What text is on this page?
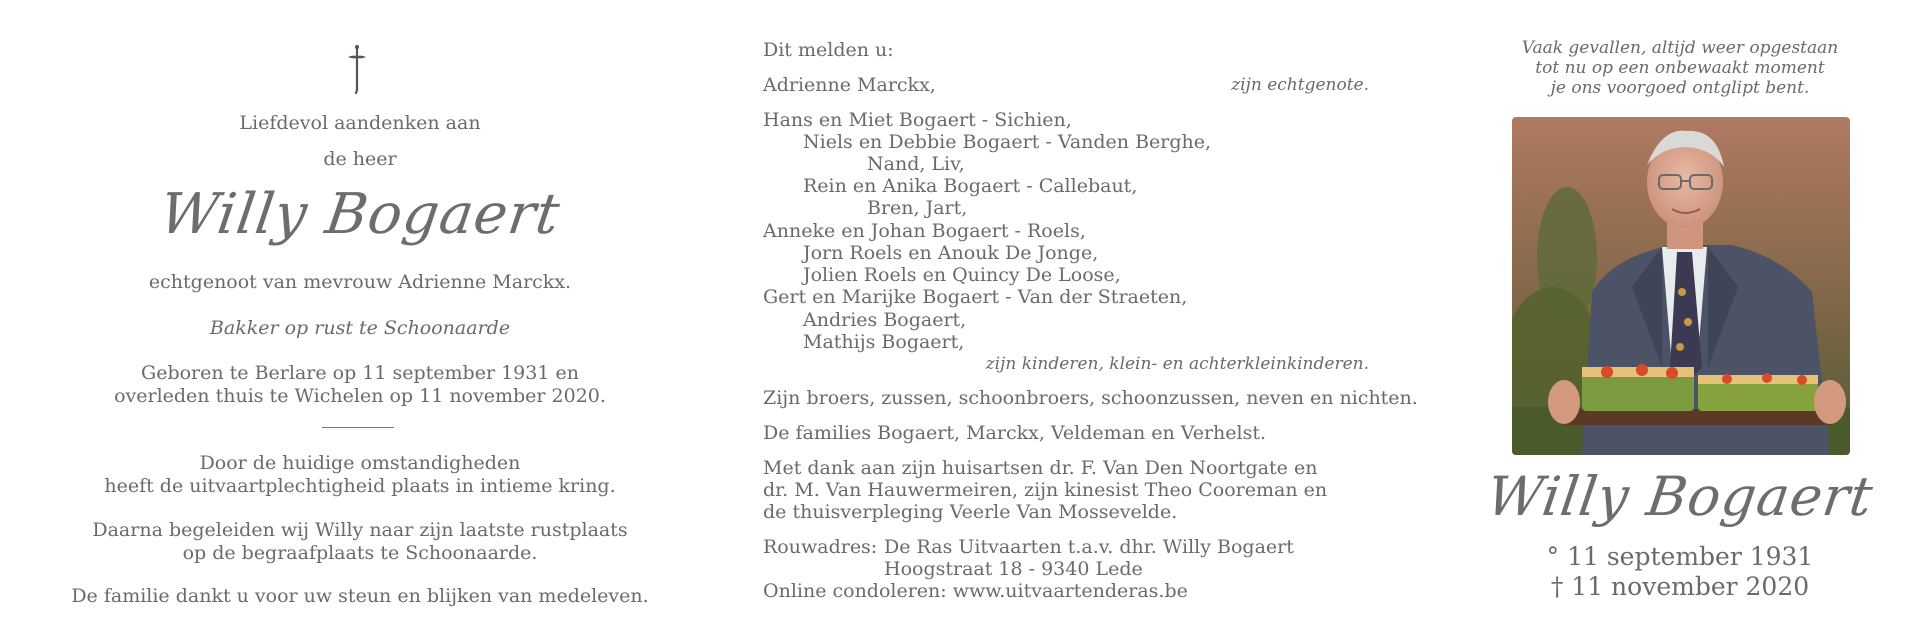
Liefdevol aandenken aan
de heer
Willy Bogaert
echtgenoot van mevrouw Adrienne Marckx.
Bakker op rust te Schoonaarde
Geboren te Berlare op 11 september 1931 en
overleden thuis te Wichelen op 11 november 2020.
Door de huidige omstandigheden
heeft de uitvaartplechtigheid plaats in intieme kring.
Daarna begeleiden wij Willy naar zijn laatste rustplaats
op de begraafplaats te Schoonaarde.
De familie dankt u voor uw steun en blijken van medeleven.
Dit melden u:
Adrienne Marckx,	zijn echtgenote.
Hans en Miet Bogaert - Sichien,
Niels en Debbie Bogaert - Vanden Berghe,
Nand, Liv,
Rein en Anika Bogaert - Callebaut,
Bren, Jart,
Anneke en Johan Bogaert - Roels,
Jorn Roels en Anouk De Jonge,
Jolien Roels en Quincy De Loose,
Gert en Marijke Bogaert - Van der Straeten,
Andries Bogaert,
Mathijs Bogaert,
zijn kinderen, klein- en achterkleinkinderen.
Zijn broers, zussen, schoonbroers, schoonzussen, neven en nichten.
De families Bogaert, Marckx, Veldeman en Verhelst.
Met dank aan zijn huisartsen dr. F. Van Den Noortgate en
dr. M. Van Hauwermeiren, zijn kinesist Theo Cooreman en
de thuisverpleging Veerle Van Mossevelde.
Rouwadres: De Ras Uitvaarten t.a.v. dhr. Willy Bogaert
Hoogstraat 18 - 9340 Lede
Online condoleren: www.uitvaartenderas.be
Vaak gevallen, altijd weer opgestaan
tot nu op een onbewaakt moment
je ons voorgoed ontglipt bent.
Willy Bogaert
° 11 september 1931
† 11 november 2020
